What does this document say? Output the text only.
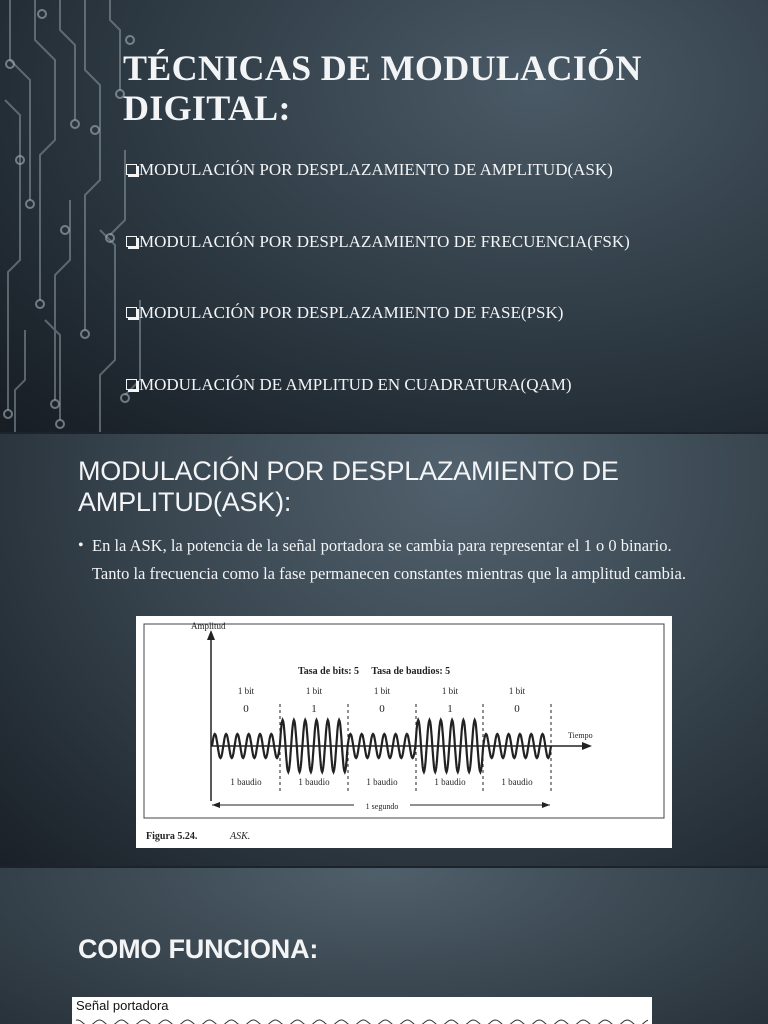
TÉCNICAS DE MODULACIÓN
DIGITAL:
MODULACIÓN POR DESPLAZAMIENTO DE AMPLITUD(ASK)
MODULACIÓN POR DESPLAZAMIENTO DE FRECUENCIA(FSK)
MODULACIÓN POR DESPLAZAMIENTO DE FASE(PSK)
MODULACIÓN DE AMPLITUD EN CUADRATURA(QAM)
MODULACIÓN POR DESPLAZAMIENTO DE
AMPLITUD(ASK):
• En la ASK, la potencia de la señal portadora se cambia para representar el 1 o 0 binario. Tanto la frecuencia como la fase permanecen constantes mientras que la amplitud cambia.
Amplitud
Tiempo
Tasa de bits: 5     Tasa de baudios: 5
1 bit	1 bit	1 bit	1 bit	1 bit
0	1	0	1	0
1 baudio	1 baudio	1 baudio	1 baudio	1 baudio
1 segundo
Figura 5.24.	ASK.
COMO FUNCIONA:
Señal portadora
